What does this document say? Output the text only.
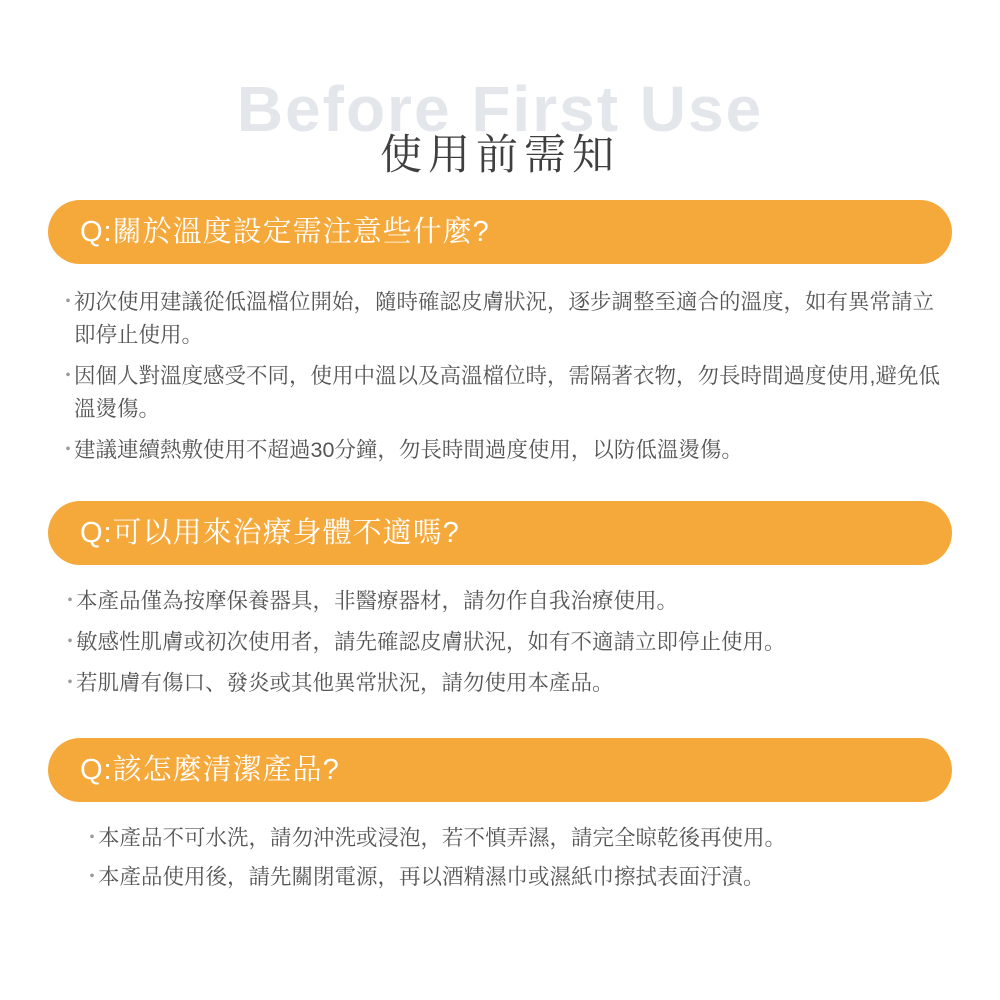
Before First Use
使用前需知
Q:關於溫度設定需注意些什麼?
・
初次使用建議從低溫檔位開始，隨時確認皮膚狀況，逐步調整至適合的溫度，如有異常請立即停止使用。
・
因個人對溫度感受不同，使用中溫以及高溫檔位時，需隔著衣物，勿長時間過度使用,避免低溫燙傷。
・
建議連續熱敷使用不超過30分鐘，勿長時間過度使用，以防低溫燙傷。
Q:可以用來治療身體不適嗎?
・
本產品僅為按摩保養器具，非醫療器材，請勿作自我治療使用。
・
敏感性肌膚或初次使用者，請先確認皮膚狀況，如有不適請立即停止使用。
・
若肌膚有傷口、發炎或其他異常狀況，請勿使用本產品。
Q:該怎麼清潔產品?
・
本產品不可水洗，請勿沖洗或浸泡，若不慎弄濕，請完全晾乾後再使用。
・
本產品使用後，請先關閉電源，再以酒精濕巾或濕紙巾擦拭表面汙漬。
